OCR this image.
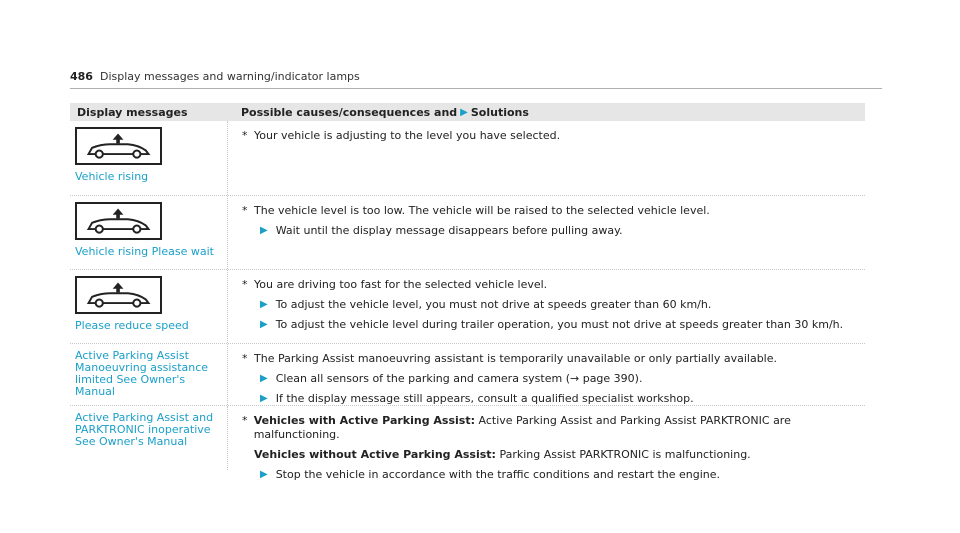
486 Display messages and warning/indicator lamps
Display messages	Possible causes/consequences and ▶ Solutions
Vehicle rising
* Your vehicle is adjusting to the level you have selected.
Vehicle rising Please wait
* The vehicle level is too low. The vehicle will be raised to the selected vehicle level.
▶ Wait until the display message disappears before pulling away.
Please reduce speed
* You are driving too fast for the selected vehicle level.
▶ To adjust the vehicle level, you must not drive at speeds greater than 60 km/h.
▶ To adjust the vehicle level during trailer operation, you must not drive at speeds greater than 30 km/h.
Active Parking Assist Manoeuvring assistance limited See Owner's Manual
* The Parking Assist manoeuvring assistant is temporarily unavailable or only partially available.
▶ Clean all sensors of the parking and camera system (→ page 390).
▶ If the display message still appears, consult a qualified specialist workshop.
Active Parking Assist and PARKTRONIC inoperative See Owner's Manual
* Vehicles with Active Parking Assist: Active Parking Assist and Parking Assist PARKTRONIC are malfunctioning.
Vehicles without Active Parking Assist: Parking Assist PARKTRONIC is malfunctioning.
▶ Stop the vehicle in accordance with the traffic conditions and restart the engine.
